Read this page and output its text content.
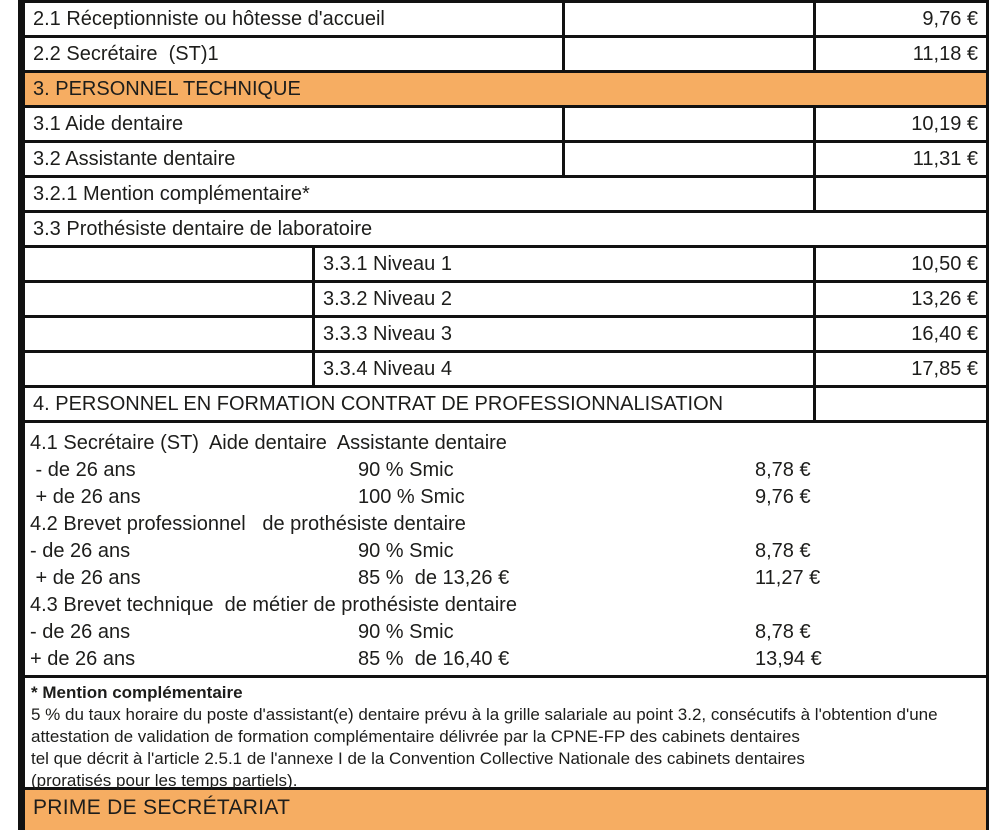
2.1 Réceptionniste ou hôtesse d'accueil	9,76 €
2.2 Secrétaire  (ST)1	11,18 €
3. PERSONNEL TECHNIQUE
3.1 Aide dentaire	10,19 €
3.2 Assistante dentaire	11,31 €
3.2.1 Mention complémentaire*
3.3 Prothésiste dentaire de laboratoire
3.3.1 Niveau 1	10,50 €
3.3.2 Niveau 2	13,26 €
3.3.3 Niveau 3	16,40 €
3.3.4 Niveau 4	17,85 €
4. PERSONNEL EN FORMATION CONTRAT DE PROFESSIONNALISATION
4.1 Secrétaire (ST)  Aide dentaire  Assistante dentaire
- de 26 ans	90 % Smic	8,78 €
+ de 26 ans	100 % Smic	9,76 €
4.2 Brevet professionnel   de prothésiste dentaire
- de 26 ans	90 % Smic	8,78 €
+ de 26 ans	85 %  de 13,26 €	11,27 €
4.3 Brevet technique  de métier de prothésiste dentaire
- de 26 ans	90 % Smic	8,78 €
+ de 26 ans	85 %  de 16,40 €	13,94 €
* Mention complémentaire
5 % du taux horaire du poste d'assistant(e) dentaire prévu à la grille salariale au point 3.2, consécutifs à l'obtention d'une
attestation de validation de formation complémentaire délivrée par la CPNE-FP des cabinets dentaires
tel que décrit à l'article 2.5.1 de l'annexe I de la Convention Collective Nationale des cabinets dentaires
(proratisés pour les temps partiels).
PRIME DE SECRÉTARIAT
